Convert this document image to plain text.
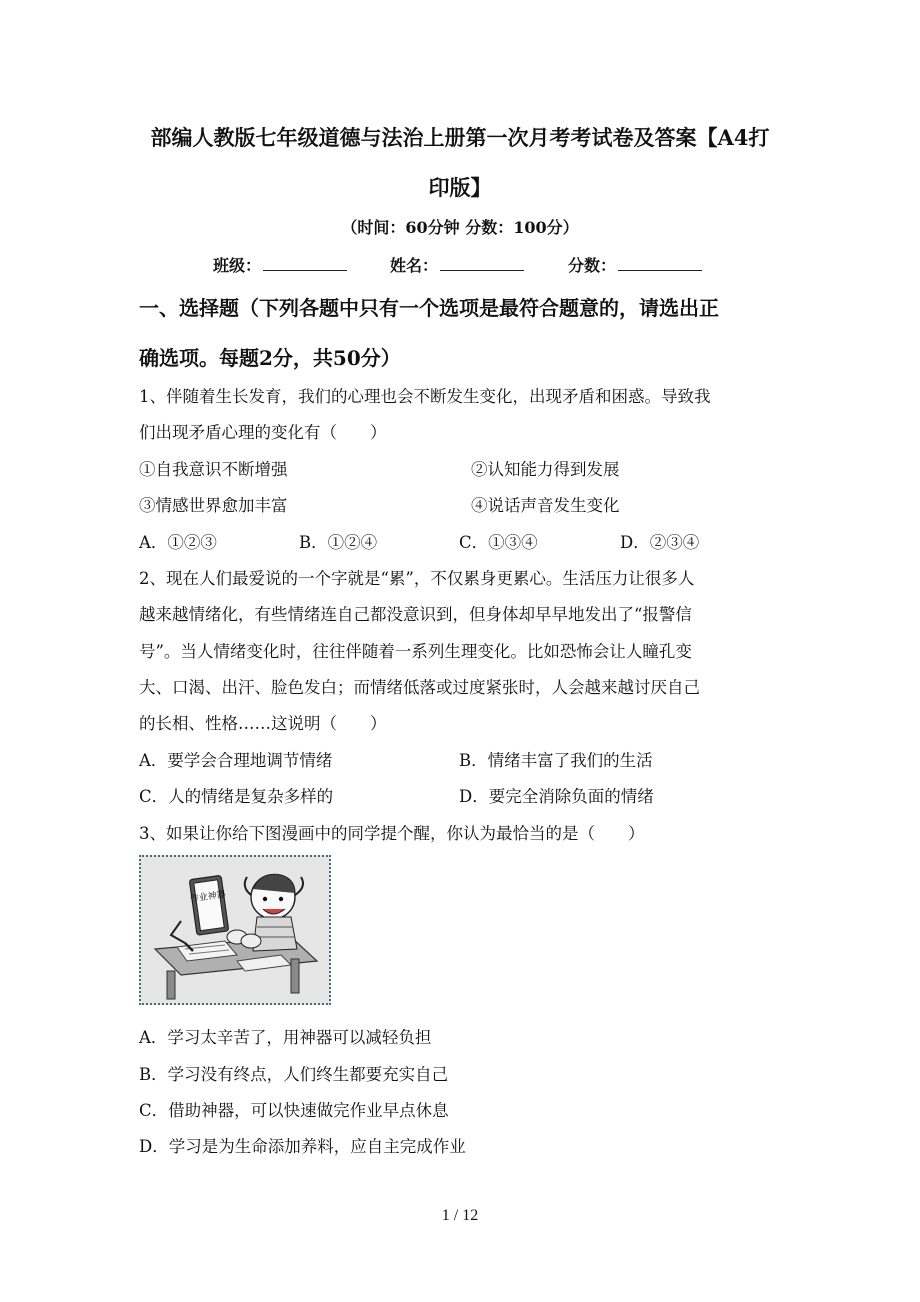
部编人教版七年级道德与法治上册第一次月考考试卷及答案【A4打
印版】
（时间：60分钟 分数：100分）
班级：	姓名：	分数：
一、选择题（下列各题中只有一个选项是最符合题意的，请选出正
确选项。每题2分，共50分）
1、伴随着生长发育，我们的心理也会不断发生变化，出现矛盾和困惑。导致我
们出现矛盾心理的变化有（　　）
①自我意识不断增强	②认知能力得到发展
③情感世界愈加丰富	④说话声音发生变化
A．①②③	B．①②④	C．①③④	D．②③④
2、现在人们最爱说的一个字就是“累”，不仅累身更累心。生活压力让很多人
越来越情绪化，有些情绪连自己都没意识到，但身体却早早地发出了“报警信
号”。当人情绪变化时，往往伴随着一系列生理变化。比如恐怖会让人瞳孔变
大、口渴、出汗、脸色发白；而情绪低落或过度紧张时，人会越来越讨厌自己
的长相、性格……这说明（　　）
A．要学会合理地调节情绪	B．情绪丰富了我们的生活
C．人的情绪是复杂多样的	D．要完全消除负面的情绪
3、如果让你给下图漫画中的同学提个醒，你认为最恰当的是（　　）
作业神器
A．学习太辛苦了，用神器可以减轻负担
B．学习没有终点，人们终生都要充实自己
C．借助神器，可以快速做完作业早点休息
D．学习是为生命添加养料，应自主完成作业
1 / 12
